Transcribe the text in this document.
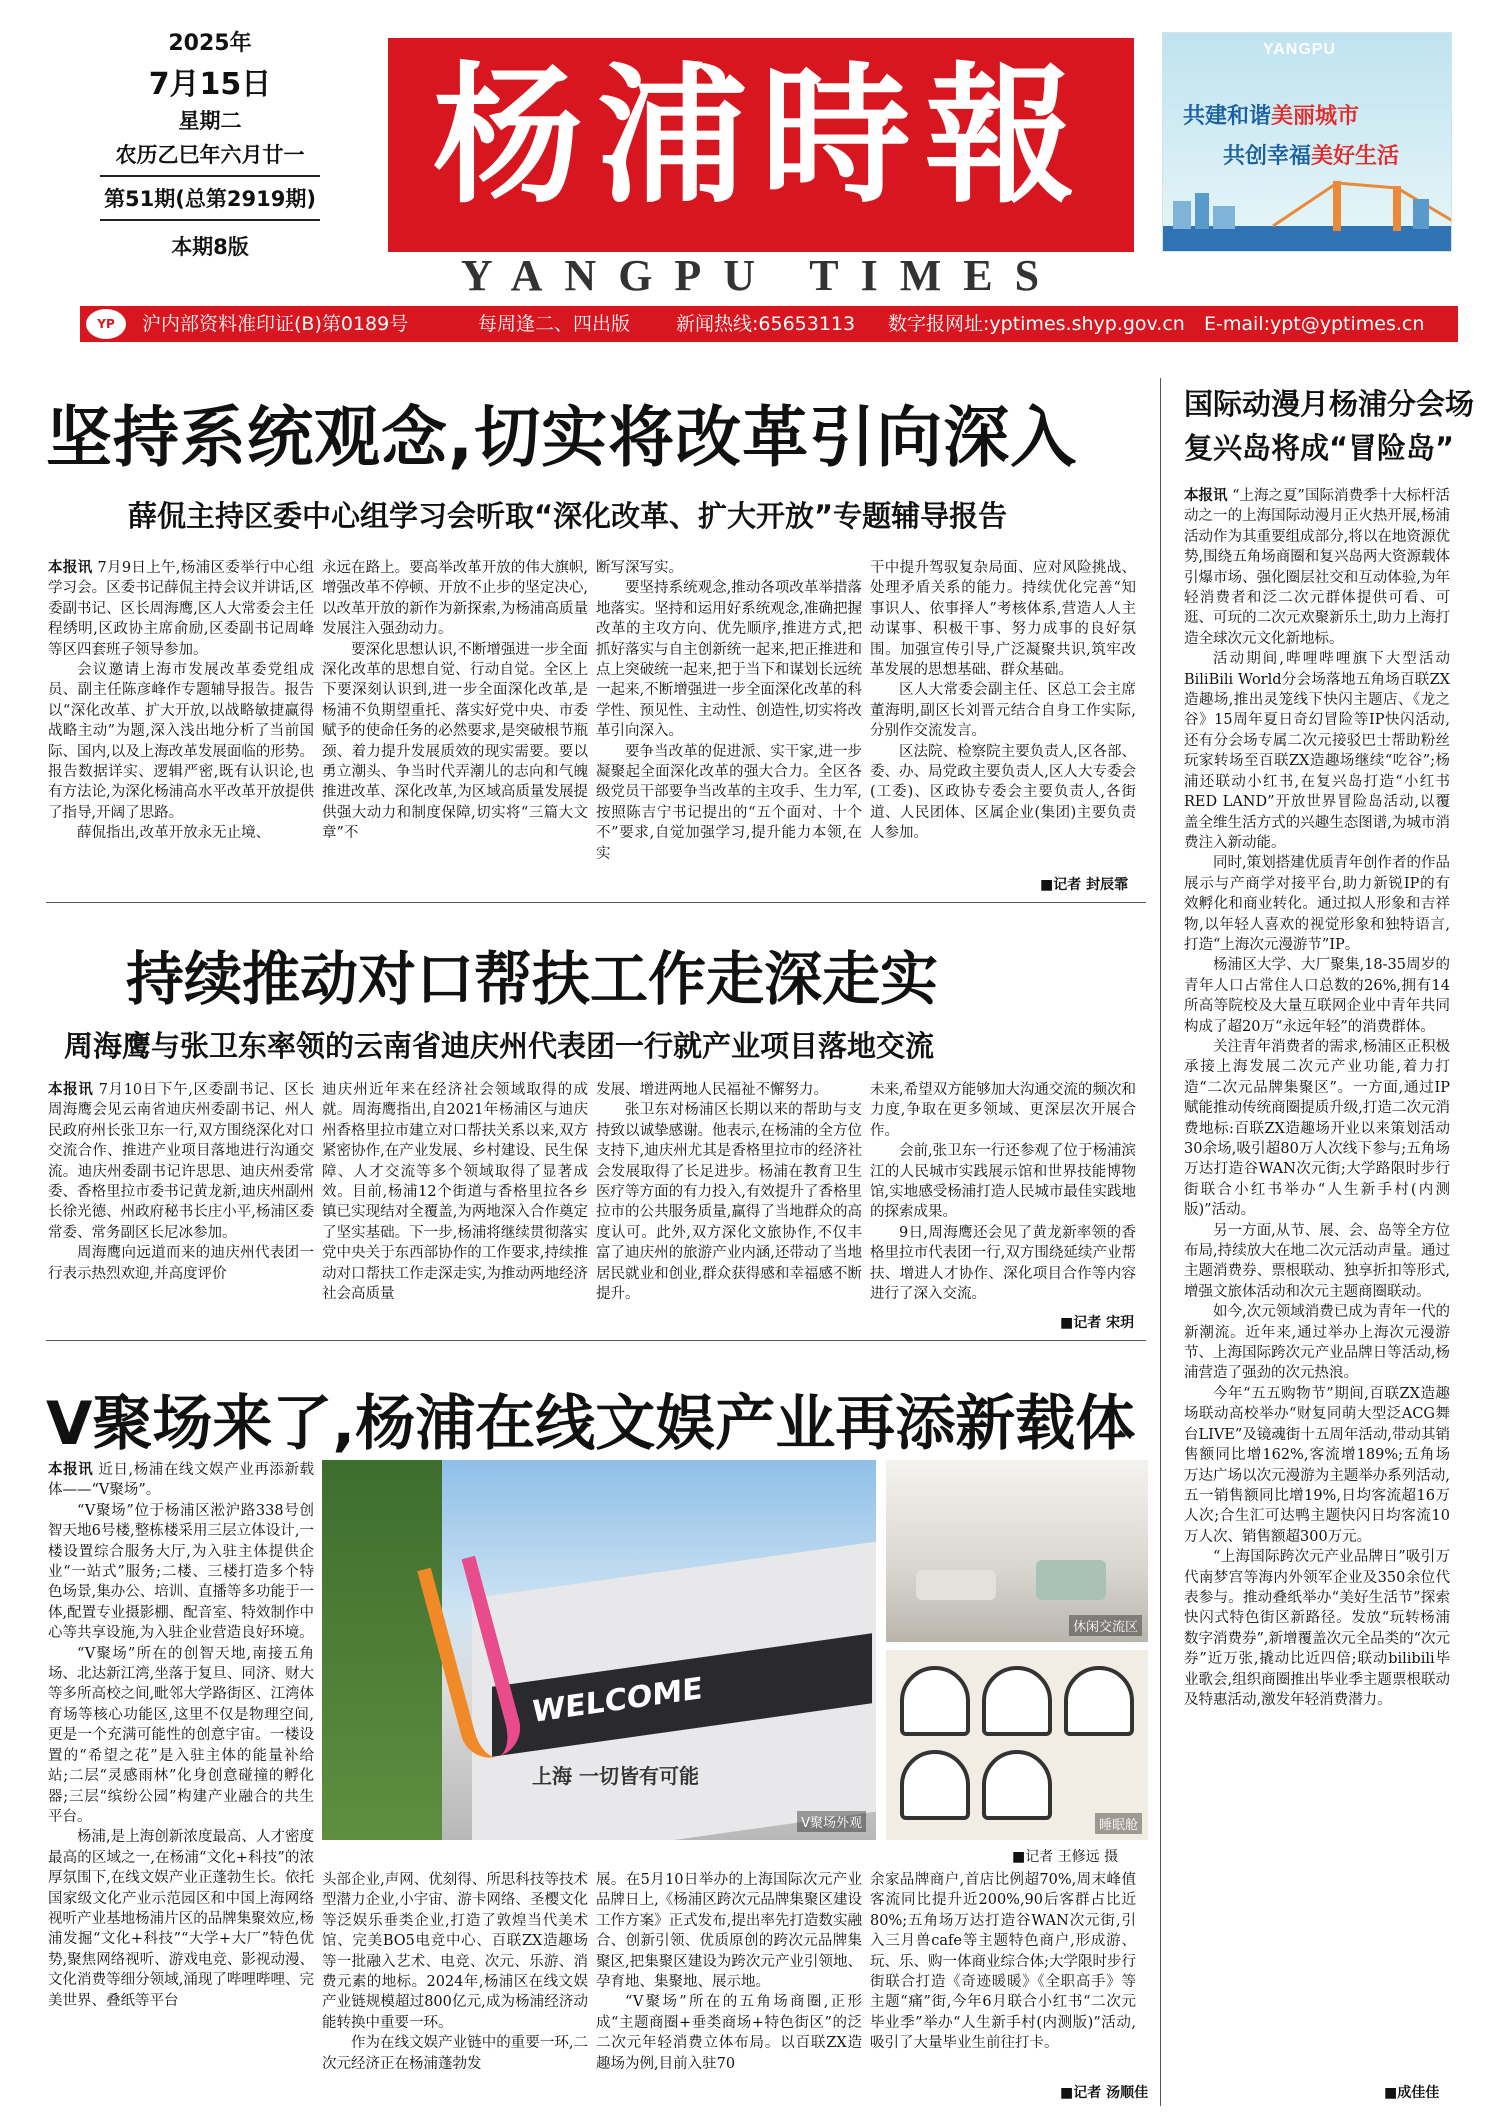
2025年
7月15日
星期二
农历乙巳年六月廿一
第51期(总第2919期)
本期8版
杨浦時報
YANGPU TIMES
YANGPU
共建和谐美丽城市
共创幸福美好生活
YP	沪内部资料准印证(B)第0189号	每周逢二、四出版 新闻热线:65653113 数字报网址:yptimes.shyp.gov.cn E-mail:ypt@yptimes.cn
坚持系统观念,切实将改革引向深入
薛侃主持区委中心组学习会听取“深化改革、扩大开放”专题辅导报告
本报讯 7月9日上午,杨浦区委举行中心组学习会。区委书记薛侃主持会议并讲话,区委副书记、区长周海鹰,区人大常委会主任程绣明,区政协主席俞励,区委副书记周峰等区四套班子领导参加。

会议邀请上海市发展改革委党组成员、副主任陈彦峰作专题辅导报告。报告以“深化改革、扩大开放,以战略敏捷赢得战略主动”为题,深入浅出地分析了当前国际、国内,以及上海改革发展面临的形势。报告数据详实、逻辑严密,既有认识论,也有方法论,为深化杨浦高水平改革开放提供了指导,开阔了思路。

薛侃指出,改革开放永无止境、

永远在路上。要高举改革开放的伟大旗帜,增强改革不停顿、开放不止步的坚定决心,以改革开放的新作为新探索,为杨浦高质量发展注入强劲动力。

要深化思想认识,不断增强进一步全面深化改革的思想自觉、行动自觉。全区上下要深刻认识到,进一步全面深化改革,是杨浦不负期望重托、落实好党中央、市委赋予的使命任务的必然要求,是突破根节瓶颈、着力提升发展质效的现实需要。要以勇立潮头、争当时代弄潮儿的志向和气魄推进改革、深化改革,为区域高质量发展提供强大动力和制度保障,切实将“三篇大文章”不

断写深写实。

要坚持系统观念,推动各项改革举措落地落实。坚持和运用好系统观念,准确把握改革的主攻方向、优先顺序,推进方式,把抓好落实与自主创新统一起来,把正推进和点上突破统一起来,把于当下和谋划长远统一起来,不断增强进一步全面深化改革的科学性、预见性、主动性、创造性,切实将改革引向深入。

要争当改革的促进派、实干家,进一步凝聚起全面深化改革的强大合力。全区各级党员干部要争当改革的主攻手、生力军,按照陈吉宁书记提出的“五个面对、十个不”要求,自觉加强学习,提升能力本领,在实

干中提升驾驭复杂局面、应对风险挑战、处理矛盾关系的能力。持续优化完善“知事识人、依事择人”考核体系,营造人人主动谋事、积极干事、努力成事的良好氛围。加强宣传引导,广泛凝聚共识,筑牢改革发展的思想基础、群众基础。

区人大常委会副主任、区总工会主席董海明,副区长刘晋元结合自身工作实际,分别作交流发言。

区法院、检察院主要负责人,区各部、委、办、局党政主要负责人,区人大专委会(工委)、区政协专委会主要负责人,各街道、人民团体、区属企业(集团)主要负责人参加。

■记者 封辰霏
持续推动对口帮扶工作走深走实
周海鹰与张卫东率领的云南省迪庆州代表团一行就产业项目落地交流
本报讯 7月10日下午,区委副书记、区长周海鹰会见云南省迪庆州委副书记、州人民政府州长张卫东一行,双方围绕深化对口交流合作、推进产业项目落地进行沟通交流。迪庆州委副书记许思思、迪庆州委常委、香格里拉市委书记黄龙新,迪庆州副州长徐光德、州政府秘书长庄小平,杨浦区委常委、常务副区长尼冰参加。

周海鹰向远道而来的迪庆州代表团一行表示热烈欢迎,并高度评价

迪庆州近年来在经济社会领域取得的成就。周海鹰指出,自2021年杨浦区与迪庆州香格里拉市建立对口帮扶关系以来,双方紧密协作,在产业发展、乡村建设、民生保障、人才交流等多个领域取得了显著成效。目前,杨浦12个街道与香格里拉各乡镇已实现结对全覆盖,为两地深入合作奠定了坚实基础。下一步,杨浦将继续贯彻落实党中央关于东西部协作的工作要求,持续推动对口帮扶工作走深走实,为推动两地经济社会高质量
发展、增进两地人民福祉不懈努力。

张卫东对杨浦区长期以来的帮助与支持致以诚挚感谢。他表示,在杨浦的全方位支持下,迪庆州尤其是香格里拉市的经济社会发展取得了长足进步。杨浦在教育卫生医疗等方面的有力投入,有效提升了香格里拉市的公共服务质量,赢得了当地群众的高度认可。此外,双方深化文旅协作,不仅丰富了迪庆州的旅游产业内涵,还带动了当地居民就业和创业,群众获得感和幸福感不断提升。

未来,希望双方能够加大沟通交流的频次和力度,争取在更多领域、更深层次开展合作。

会前,张卫东一行还参观了位于杨浦滨江的人民城市实践展示馆和世界技能博物馆,实地感受杨浦打造人民城市最佳实践地的探索成果。

9日,周海鹰还会见了黄龙新率领的香格里拉市代表团一行,双方围绕延续产业帮扶、增进人才协作、深化项目合作等内容进行了深入交流。

■记者 宋玥
V聚场来了,杨浦在线文娱产业再添新载体
本报讯 近日,杨浦在线文娱产业再添新载体——“V聚场”。

“V聚场”位于杨浦区淞沪路338号创智天地6号楼,整栋楼采用三层立体设计,一楼设置综合服务大厅,为入驻主体提供企业“一站式”服务;二楼、三楼打造多个特色场景,集办公、培训、直播等多功能于一体,配置专业摄影棚、配音室、特效制作中心等共享设施,为入驻企业营造良好环境。

“V聚场”所在的创智天地,南接五角场、北达新江湾,坐落于复旦、同济、财大等多所高校之间,毗邻大学路街区、江湾体育场等核心功能区,这里不仅是物理空间,更是一个充满可能性的创意宇宙。一楼设置的“希望之花”是入驻主体的能量补给站;二层“灵感雨林”化身创意碰撞的孵化器;三层“缤纷公园”构建产业融合的共生平台。

杨浦,是上海创新浓度最高、人才密度最高的区域之一,在杨浦“文化+科技”的浓厚氛围下,在线文娱产业正蓬勃生长。依托国家级文化产业示范园区和中国上海网络视听产业基地杨浦片区的品牌集聚效应,杨浦发掘“文化+科技”“大学+大厂”特色优势,聚焦网络视听、游戏电竞、影视动漫、文化消费等细分领域,涌现了哔哩哔哩、完美世界、叠纸等平台

WELCOME
上海 一切皆有可能
V聚场外观
休闲交流区
睡眠舱
■记者 王修远 摄
头部企业,声网、优刻得、所思科技等技术型潜力企业,小宇宙、游卡网络、圣樱文化等泛娱乐垂类企业,打造了敦煌当代美术馆、完美BO5电竞中心、百联ZX造趣场等一批融入艺术、电竞、次元、乐游、消费元素的地标。2024年,杨浦区在线文娱产业链规模超过800亿元,成为杨浦经济动能转换中重要一环。

作为在线文娱产业链中的重要一环,二次元经济正在杨浦蓬勃发

展。在5月10日举办的上海国际次元产业品牌日上,《杨浦区跨次元品牌集聚区建设工作方案》正式发布,提出率先打造数实融合、创新引领、优质原创的跨次元品牌集聚区,把集聚区建设为跨次元产业引领地、孕育地、集聚地、展示地。

“V聚场”所在的五角场商圈,正形成“主题商圈+垂类商场+特色街区”的泛二次元年轻消费立体布局。以百联ZX造趣场为例,目前入驻70

余家品牌商户,首店比例超70%,周末峰值客流同比提升近200%,90后客群占比近80%;五角场万达打造谷WAN次元街,引入三月兽cafe等主题特色商户,形成游、玩、乐、购一体商业综合体;大学限时步行街联合打造《奇迹暖暖》《全职高手》等主题“痛”街,今年6月联合小红书“二次元毕业季”举办“人生新手村(内测版)”活动,吸引了大量毕业生前往打卡。
■记者 汤顺佳
国际动漫月杨浦分会场
复兴岛将成“冒险岛”
本报讯 “上海之夏”国际消费季十大标杆活动之一的上海国际动漫月正火热开展,杨浦活动作为其重要组成部分,将以在地资源优势,围绕五角场商圈和复兴岛两大资源载体引爆市场、强化圈层社交和互动体验,为年轻消费者和泛二次元群体提供可看、可逛、可玩的二次元欢聚新乐土,助力上海打造全球次元文化新地标。

活动期间,哔哩哔哩旗下大型活动BiliBili World分会场落地五角场百联ZX造趣场,推出灵笼线下快闪主题店、《龙之谷》15周年夏日奇幻冒险等IP快闪活动,还有分会场专属二次元接驳巴士帮助粉丝玩家转场至百联ZX造趣场继续“吃谷”;杨浦还联动小红书,在复兴岛打造“小红书RED LAND”开放世界冒险岛活动,以覆盖全维生活方式的兴趣生态图谱,为城市消费注入新动能。

同时,策划搭建优质青年创作者的作品展示与产商学对接平台,助力新锐IP的有效孵化和商业转化。通过拟人形象和吉祥物,以年轻人喜欢的视觉形象和独特语言,打造“上海次元漫游节”IP。

杨浦区大学、大厂聚集,18-35周岁的青年人口占常住人口总数的26%,拥有14所高等院校及大量互联网企业中青年共同构成了超20万“永远年轻”的消费群体。

关注青年消费者的需求,杨浦区正积极承接上海发展二次元产业功能,着力打造“二次元品牌集聚区”。一方面,通过IP赋能推动传统商圈提质升级,打造二次元消费地标:百联ZX造趣场开业以来策划活动30余场,吸引超80万人次线下参与;五角场万达打造谷WAN次元街;大学路限时步行街联合小红书举办“人生新手村(内测版)”活动。

另一方面,从节、展、会、岛等全方位布局,持续放大在地二次元活动声量。通过主题消费券、票根联动、独享折扣等形式,增强文旅体活动和次元主题商圈联动。

如今,次元领域消费已成为青年一代的新潮流。近年来,通过举办上海次元漫游节、上海国际跨次元产业品牌日等活动,杨浦营造了强劲的次元热浪。

今年“五五购物节”期间,百联ZX造趣场联动高校举办“财复同萌大型泛ACG舞台LIVE”及镜魂街十五周年活动,带动其销售额同比增162%,客流增189%;五角场万达广场以次元漫游为主题举办系列活动,五一销售额同比增19%,日均客流超16万人次;合生汇可达鸭主题快闪日均客流10万人次、销售额超300万元。

“上海国际跨次元产业品牌日”吸引万代南梦宫等海内外领军企业及350余位代表参与。推动叠纸举办“美好生活节”探索快闪式特色街区新路径。发放“玩转杨浦数字消费券”,新增覆盖次元全品类的“次元券”近万张,撬动比近四倍;联动bilibili毕业歌会,组织商圈推出毕业季主题票根联动及特惠活动,激发年轻消费潜力。

■成佳佳
